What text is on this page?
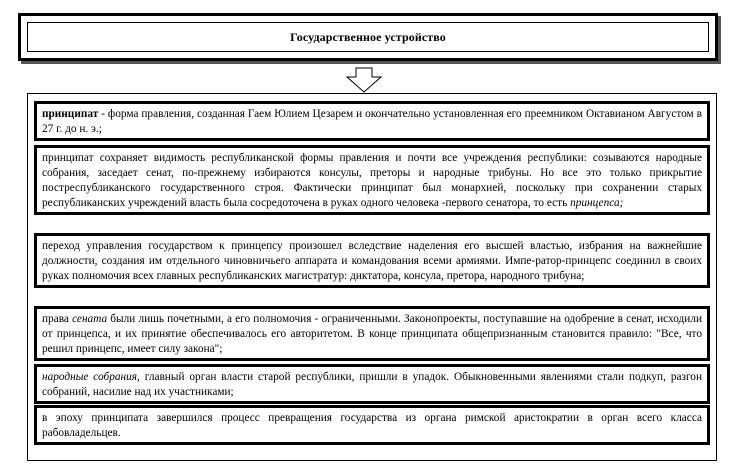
Государственное устройство
принципат - форма правления, созданная Гаем Юлием Цезарем и окончательно установленная его преемником Октавианом Августом в 27 г. до н. э.;
принципат сохраняет видимость республиканской формы правления и почти все учреждения республики: созываются народные собрания, заседает сенат, по-прежнему избираются консулы, преторы и народные трибуны. Но все это только прикрытие постреспубликанского государственного строя. Фактически принципат был монархией, поскольку при сохранении старых республиканских учреждений власть была сосредоточена в руках одного человека -первого сенатора, то есть принцепса;
переход управления государством к принцепсу произошел вследствие наделения его высшей властью, избрания на важнейшие должности, создания им отдельного чиновничьего аппарата и командования всеми армиями. Импе-ратор-принцепс соединил в своих руках полномочия всех главных республиканских магистратур: диктатора, консула, претора, народного трибуна;
права сената были лишь почетными, а его полномочия - ограниченными. Законопроекты, поступавшие на одобрение в сенат, исходили от принцепса, и их принятие обеспечивалось его авторитетом. В конце принципата общепризнанным становится правило: "Все, что решил принцепс, имеет силу закона";
народные собрания, главный орган власти старой республики, пришли в упадок. Обыкновенными явлениями стали подкуп, разгон собраний, насилие над их участниками;
в эпоху принципата завершился процесс превращения государства из органа римской аристократии в орган всего класса рабовладельцев.
